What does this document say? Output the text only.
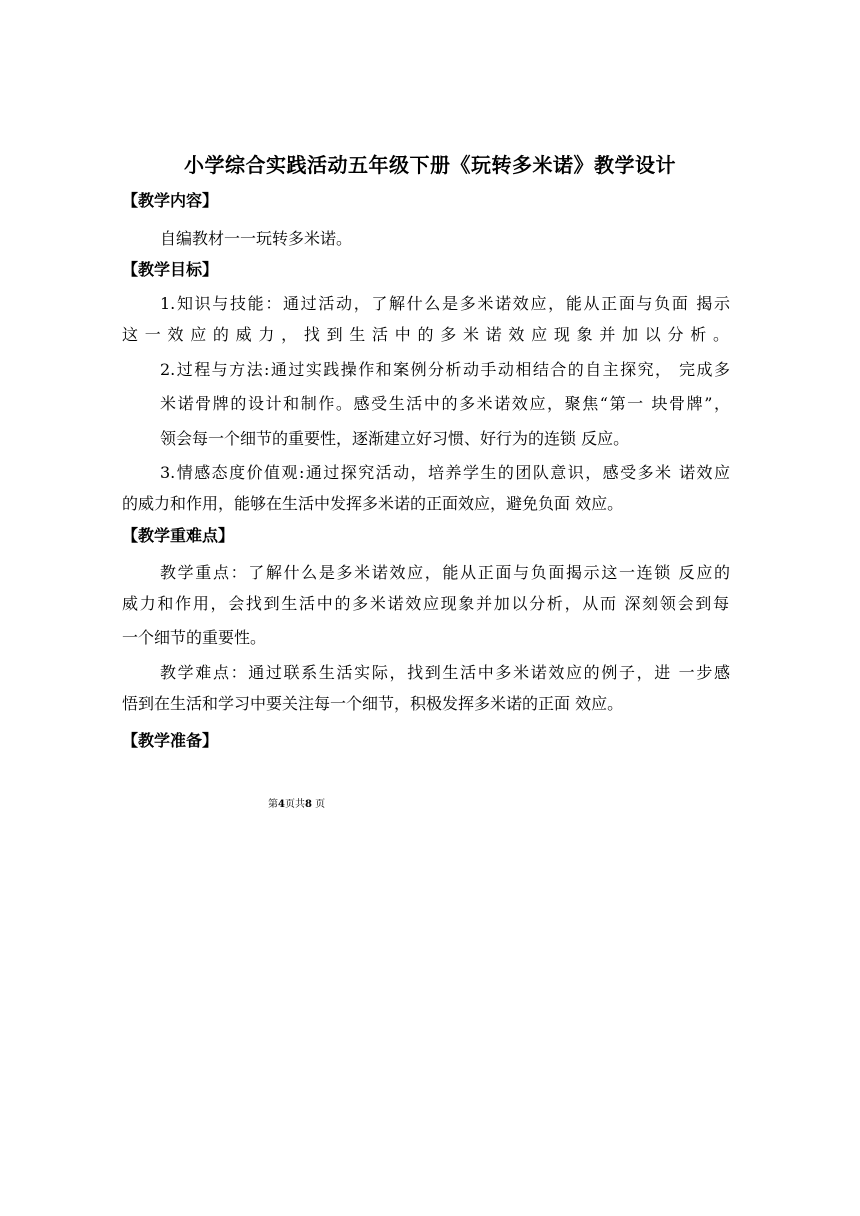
小学综合实践活动五年级下册《玩转多米诺》教学设计
【教学内容】
自编教材一一玩转多米诺。
【教学目标】
1.知识与技能：通过活动，了解什么是多米诺效应，能从正面与负面 揭示
这一效应的威力，找到生活中的多米诺效应现象并加以分析。
2.过程与方法:通过实践操作和案例分析动手动相结合的自主探究， 完成多
米诺骨牌的设计和制作。感受生活中的多米诺效应，聚焦“第一 块骨牌”，
领会每一个细节的重要性，逐渐建立好习惯、好行为的连锁 反应。
3.情感态度价值观:通过探究活动，培养学生的团队意识，感受多米 诺效应
的威力和作用，能够在生活中发挥多米诺的正面效应，避免负面 效应。
【教学重难点】
教学重点：了解什么是多米诺效应，能从正面与负面揭示这一连锁 反应的
威力和作用，会找到生活中的多米诺效应现象并加以分析，从而 深刻领会到每
一个细节的重要性。
教学难点：通过联系生活实际，找到生活中多米诺效应的例子，进 一步感
悟到在生活和学习中要关注每一个细节，积极发挥多米诺的正面 效应。
【教学准备】
第4页共8 页
